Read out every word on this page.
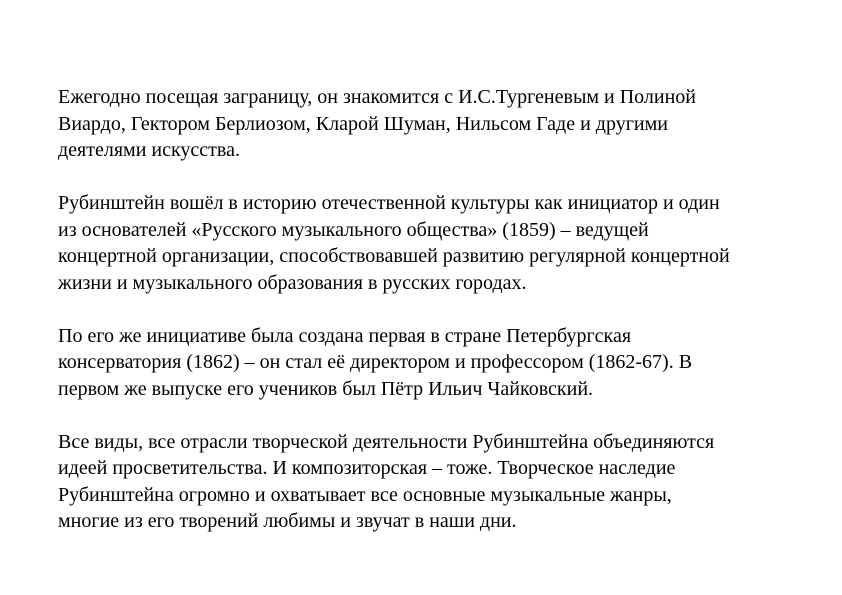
Ежегодно посещая заграницу, он знакомится с И.С.Тургеневым и Полиной
Виардо, Гектором Берлиозом, Кларой Шуман, Нильсом Гаде и другими
деятелями искусства.

Рубинштейн вошёл в историю отечественной культуры как инициатор и один
из основателей «Русского музыкального общества» (1859) – ведущей
концертной организации, способствовавшей развитию регулярной концертной
жизни и музыкального образования в русских городах.

По его же инициативе была создана первая в стране Петербургская
консерватория (1862) – он стал её директором и профессором (1862-67). В
первом же выпуске его учеников был Пётр Ильич Чайковский.

Все виды, все отрасли творческой деятельности Рубинштейна объединяются
идеей просветительства. И композиторская – тоже. Творческое наследие
Рубинштейна огромно и охватывает все основные музыкальные жанры,
многие из его творений любимы и звучат в наши дни.
